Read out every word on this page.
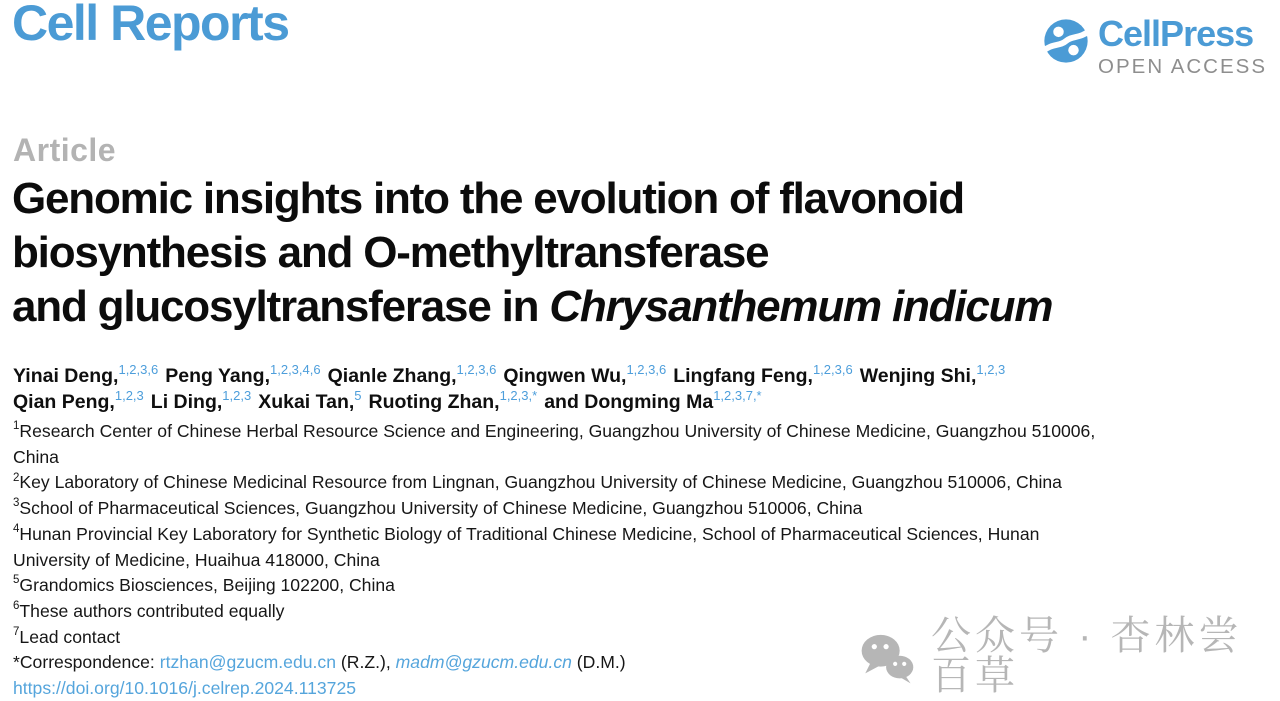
Cell Reports	CellPress
OPEN ACCESS
Article
Genomic insights into the evolution of flavonoid
biosynthesis and O-methyltransferase
and glucosyltransferase in Chrysanthemum indicum
Yinai Deng,$^{1,2,3,6}$ Peng Yang,$^{1,2,3,4,6}$ Qianle Zhang,$^{1,2,3,6}$ Qingwen Wu,$^{1,2,3,6}$ Lingfang Feng,$^{1,2,3,6}$ Wenjing Shi,$^{1,2,3}$
Qian Peng,$^{1,2,3}$ Li Ding,$^{1,2,3}$ Xukai Tan,$^5$ Ruoting Zhan,$^{1,2,3,*}$ and Dongming $Ma^{1,2,3,7,*}$
$^1$Research Center of Chinese Herbal Resource Science and Engineering, Guangzhou University of Chinese Medicine, Guangzhou 510006,
China
$^2$Key Laboratory of Chinese Medicinal Resource from Lingnan, Guangzhou University of Chinese Medicine, Guangzhou 510006, China
$^3$School of Pharmaceutical Sciences, Guangzhou University of Chinese Medicine, Guangzhou 510006, China
$^4$Hunan Provincial Key Laboratory for Synthetic Biology of Traditional Chinese Medicine, School of Pharmaceutical Sciences, Hunan
University of Medicine, Huaihua 418000, China
$^5$Grandomics Biosciences, Beijing 102200, China
$^6$These authors contributed equally
$^7$Lead contact
*Correspondence: rtzhan@gzucm.edu.cn (R.Z.), madm@gzucm.edu.cn (D.M.)
https://doi.org/10.1016/j.celrep.2024.113725
公众号 · 杏林尝百草
